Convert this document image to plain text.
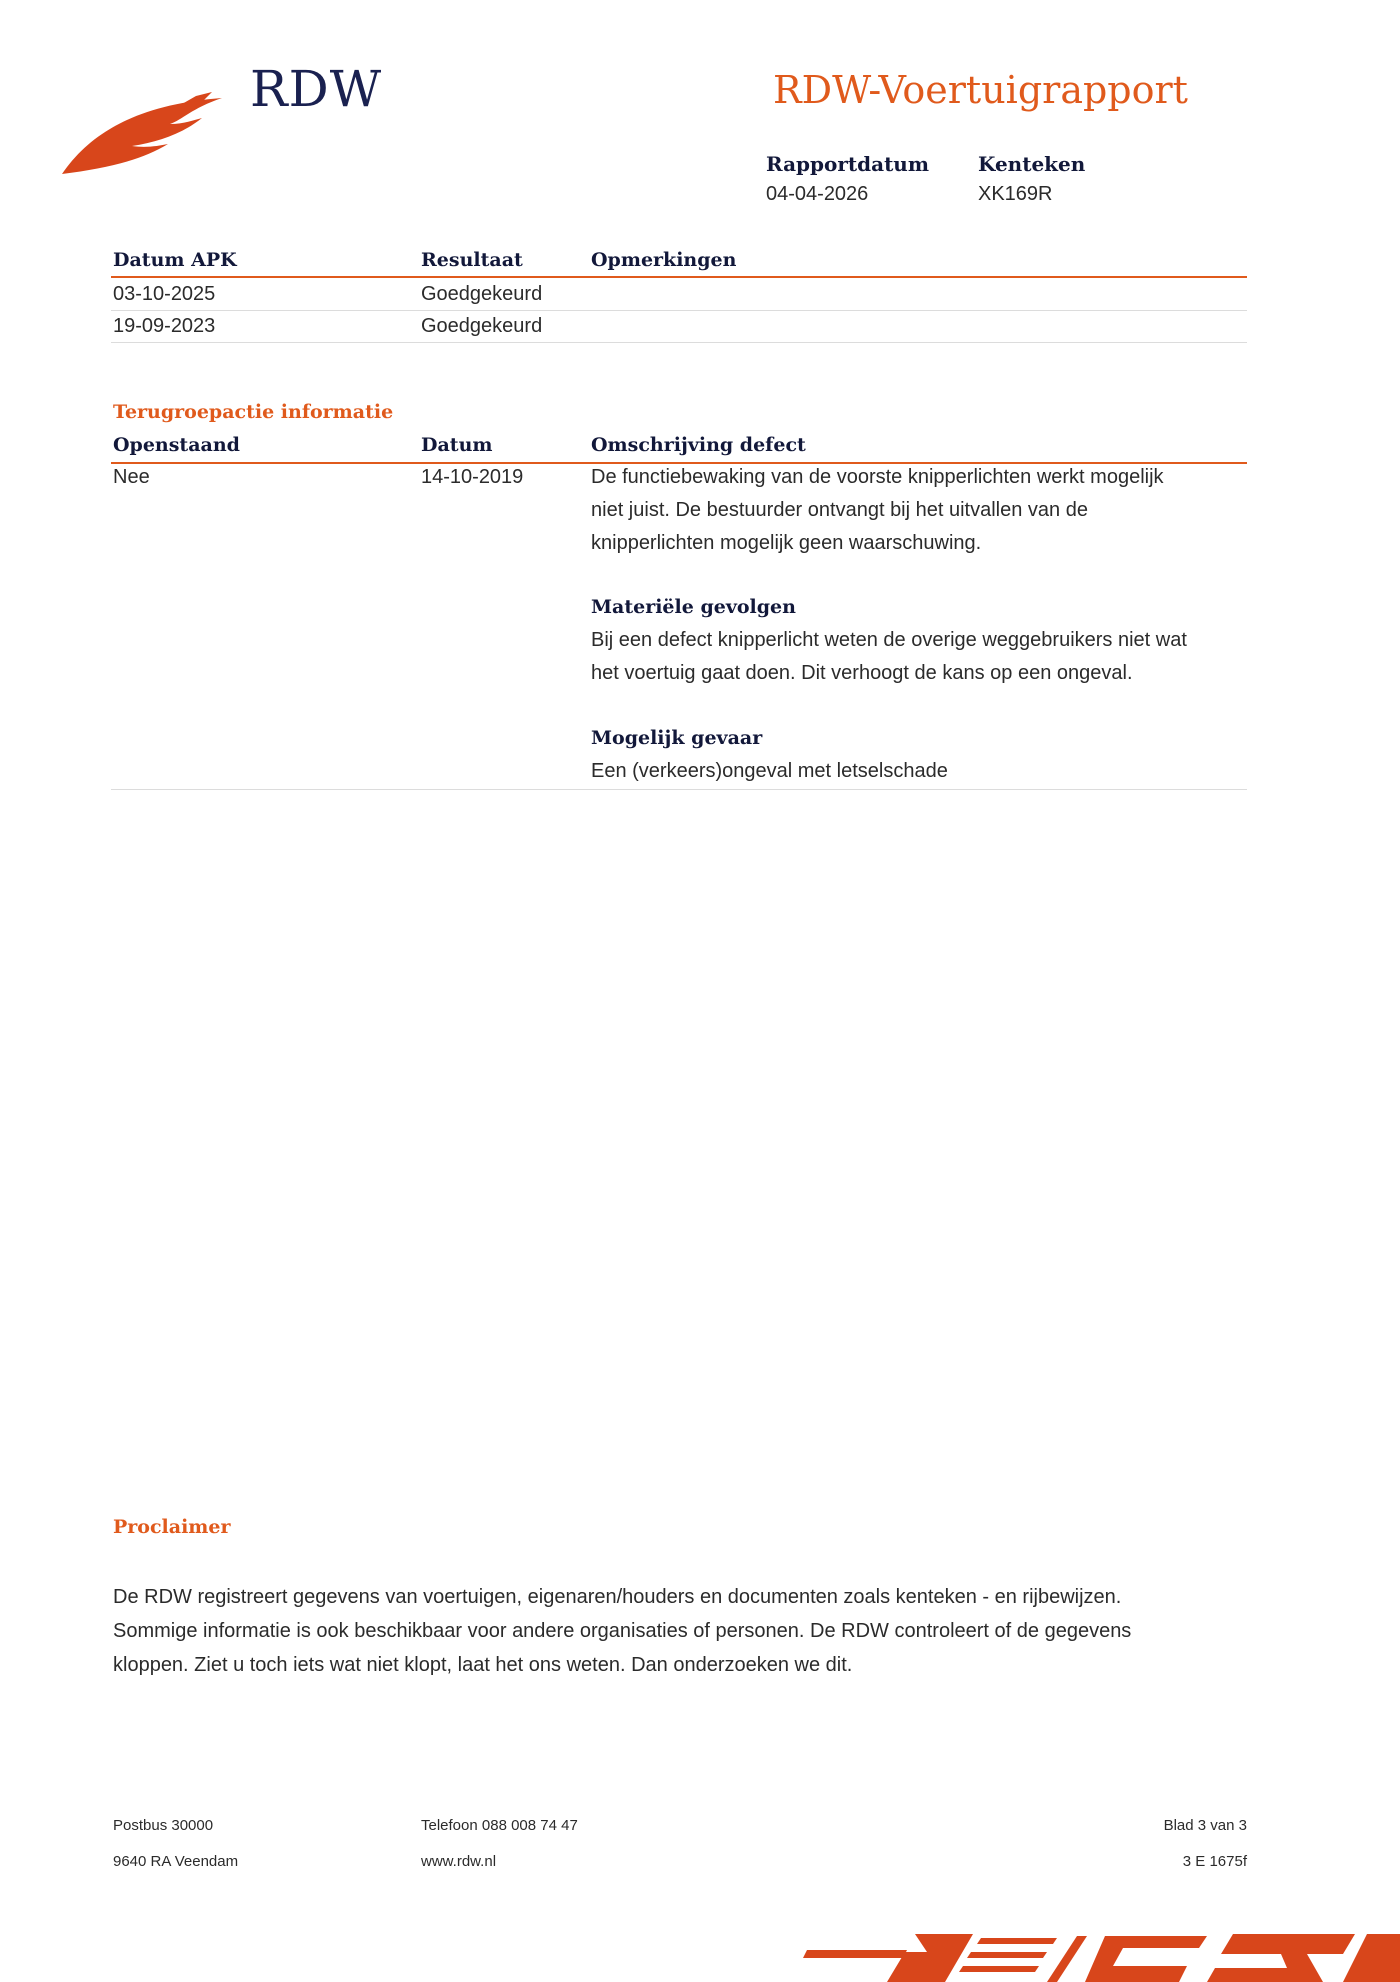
RDW	RDW-Voertuigrapport
Rapportdatum
04-04-2026
Kenteken
XK169R
Datum APK	Resultaat	Opmerkingen
03-10-2025	Goedgekeurd
19-09-2023	Goedgekeurd
Terugroepactie informatie
Openstaand	Datum	Omschrijving defect
Nee	14-10-2019	De functiebewaking van de voorste knipperlichten werkt mogelijk
niet juist. De bestuurder ontvangt bij het uitvallen van de
knipperlichten mogelijk geen waarschuwing.
Materiële gevolgen
Bij een defect knipperlicht weten de overige weggebruikers niet wat
het voertuig gaat doen. Dit verhoogt de kans op een ongeval.
Mogelijk gevaar
Een (verkeers)ongeval met letselschade
Proclaimer
De RDW registreert gegevens van voertuigen, eigenaren/houders en documenten zoals kenteken - en rijbewijzen.
Sommige informatie is ook beschikbaar voor andere organisaties of personen. De RDW controleert of de gegevens
kloppen. Ziet u toch iets wat niet klopt, laat het ons weten. Dan onderzoeken we dit.
Postbus 30000
9640 RA Veendam
Telefoon 088 008 74 47
www.rdw.nl
Blad 3 van 3
3 E 1675f
